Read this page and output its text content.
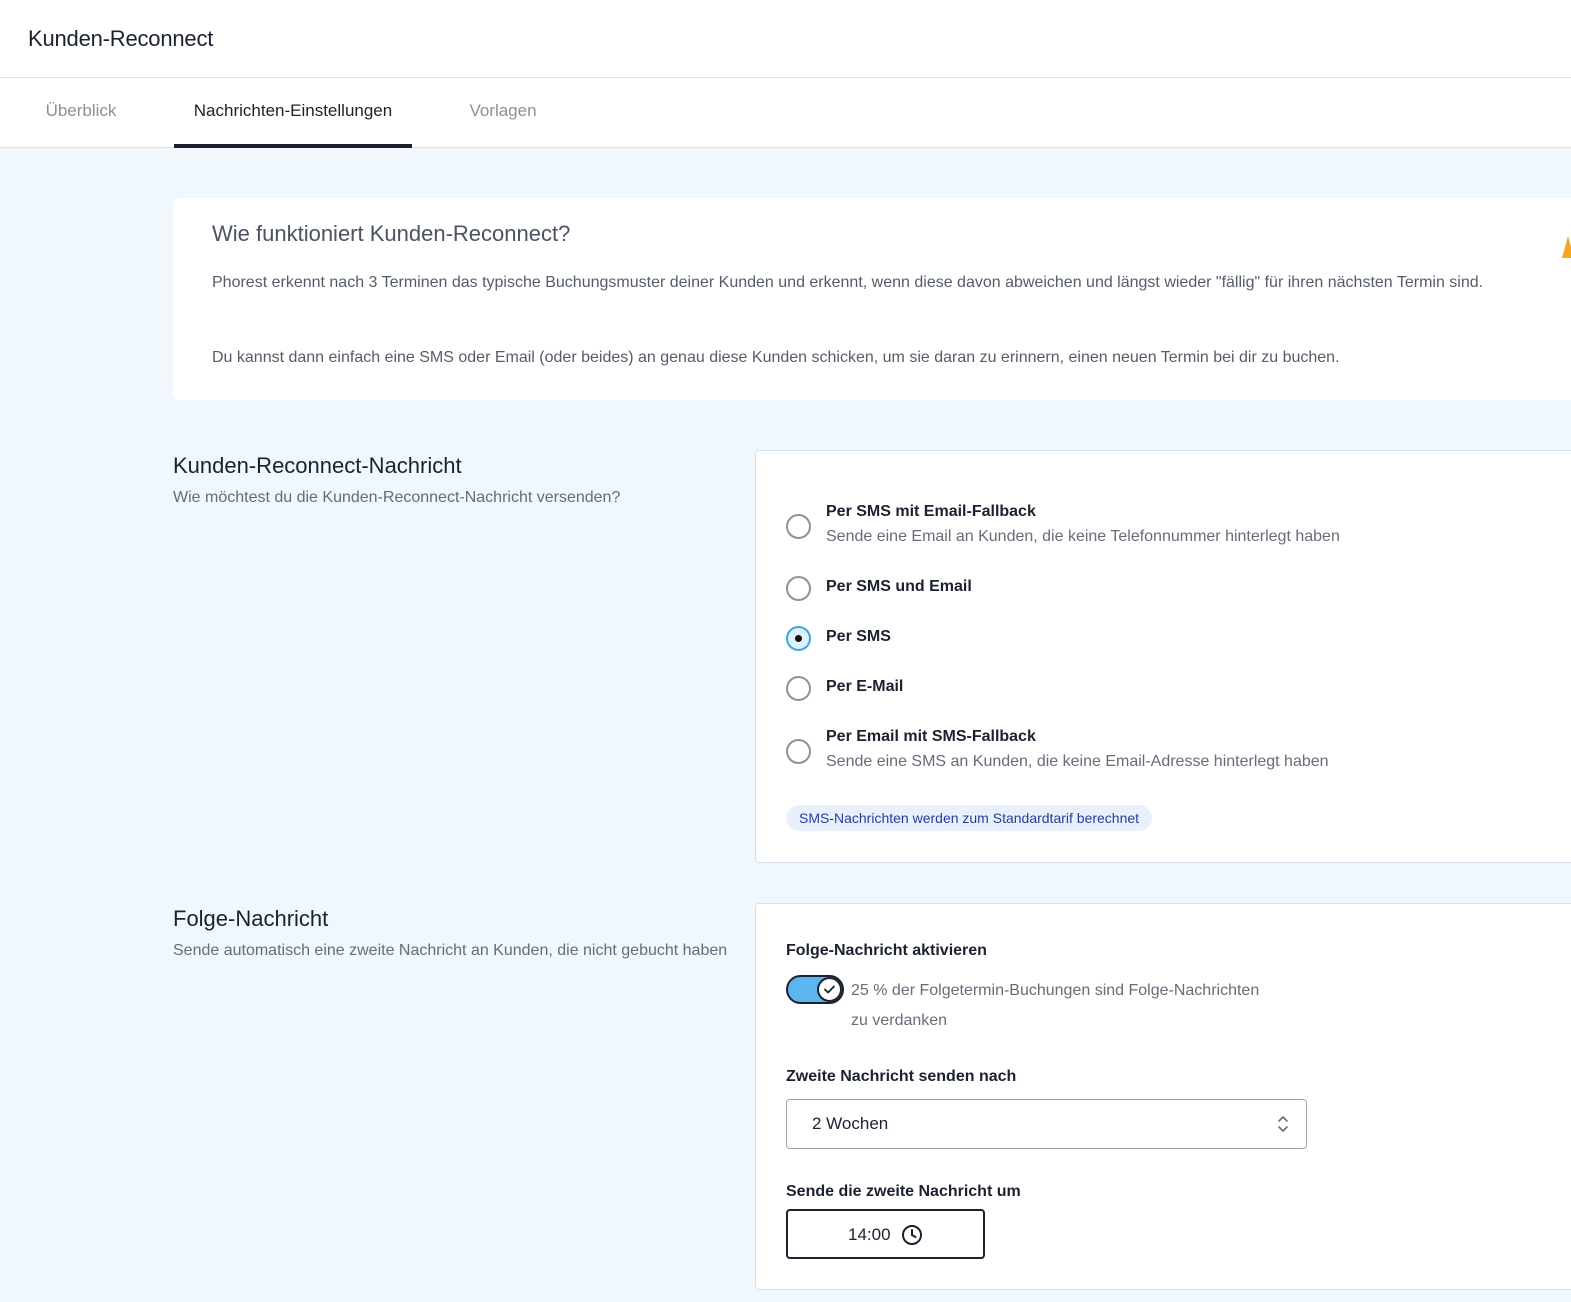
Kunden-Reconnect
Überblick	Nachrichten-Einstellungen	Vorlagen
Wie funktioniert Kunden-Reconnect?

Phorest erkennt nach 3 Terminen das typische Buchungsmuster deiner Kunden und erkennt, wenn diese davon abweichen und längst wieder "fällig" für ihren nächsten Termin sind.

Du kannst dann einfach eine SMS oder Email (oder beides) an genau diese Kunden schicken, um sie daran zu erinnern, einen neuen Termin bei dir zu buchen.

Kunden-Reconnect-Nachricht
Wie möchtest du die Kunden-Reconnect-Nachricht versenden?
Per SMS mit Email-Fallback
Sende eine Email an Kunden, die keine Telefonnummer hinterlegt haben
Per SMS und Email
Per SMS
Per E-Mail
Per Email mit SMS-Fallback
Sende eine SMS an Kunden, die keine Email-Adresse hinterlegt haben
SMS-Nachrichten werden zum Standardtarif berechnet
Folge-Nachricht
Sende automatisch eine zweite Nachricht an Kunden, die nicht gebucht haben	Folge-Nachricht aktivieren
25 % der Folgetermin-Buchungen sind Folge-Nachrichten
zu verdanken
Zweite Nachricht senden nach
2 Wochen
Sende die zweite Nachricht um
14:00
